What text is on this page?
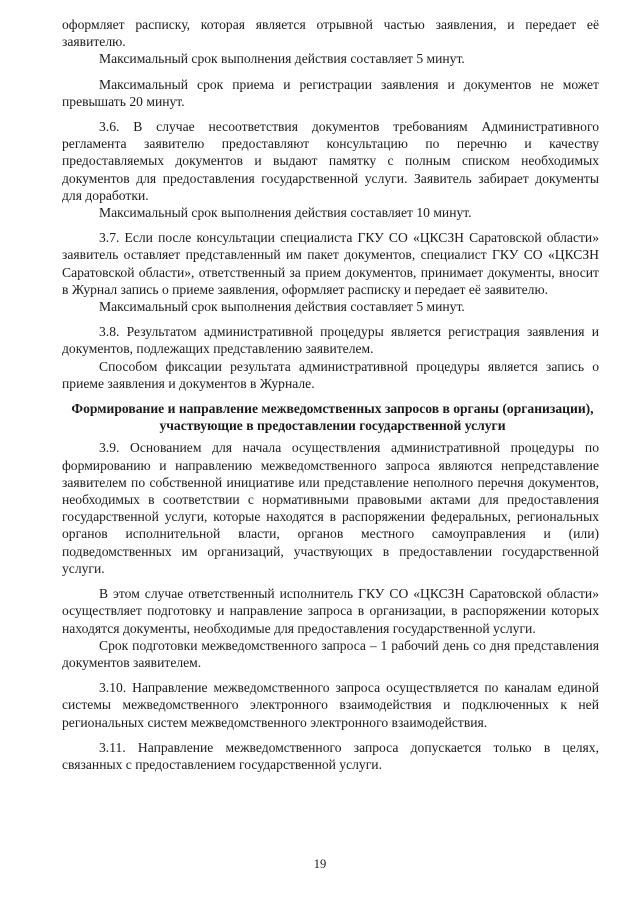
оформляет расписку, которая является отрывной частью заявления, и передает её заявителю.

Максимальный срок выполнения действия составляет 5 минут.

Максимальный срок приема и регистрации заявления и документов не может превышать 20 минут.

3.6. В случае несоответствия документов требованиям Административного регламента заявителю предоставляют консультацию по перечню и качеству предоставляемых документов и выдают памятку с полным списком необходимых документов для предоставления государственной услуги. Заявитель забирает документы для доработки.

Максимальный срок выполнения действия составляет 10 минут.

3.7. Если после консультации специалиста ГКУ СО «ЦКСЗН Саратовской области» заявитель оставляет представленный им пакет документов, специалист ГКУ СО «ЦКСЗН Саратовской области», ответственный за прием документов, принимает документы, вносит в Журнал запись о приеме заявления, оформляет расписку и передает её заявителю.

Максимальный срок выполнения действия составляет 5 минут.

3.8. Результатом административной процедуры является регистрация заявления и документов, подлежащих представлению заявителем.

Способом фиксации результата административной процедуры является запись о приеме заявления и документов в Журнале.

Формирование и направление межведомственных запросов в органы (организации), участвующие в предоставлении государственной услуги

3.9. Основанием для начала осуществления административной процедуры по формированию и направлению межведомственного запроса являются непредставление заявителем по собственной инициативе или представление неполного перечня документов, необходимых в соответствии с нормативными правовыми актами для предоставления государственной услуги, которые находятся в распоряжении федеральных, региональных органов исполнительной власти, органов местного самоуправления и (или) подведомственных им организаций, участвующих в предоставлении государственной услуги.

В этом случае ответственный исполнитель ГКУ СО «ЦКСЗН Саратовской области» осуществляет подготовку и направление запроса в организации, в распоряжении которых находятся документы, необходимые для предоставления государственной услуги.

Срок подготовки межведомственного запроса – 1 рабочий день со дня представления документов заявителем.

3.10. Направление межведомственного запроса осуществляется по каналам единой системы межведомственного электронного взаимодействия и подключенных к ней региональных систем межведомственного электронного взаимодействия.

3.11. Направление межведомственного запроса допускается только в целях, связанных с предоставлением государственной услуги.

19
